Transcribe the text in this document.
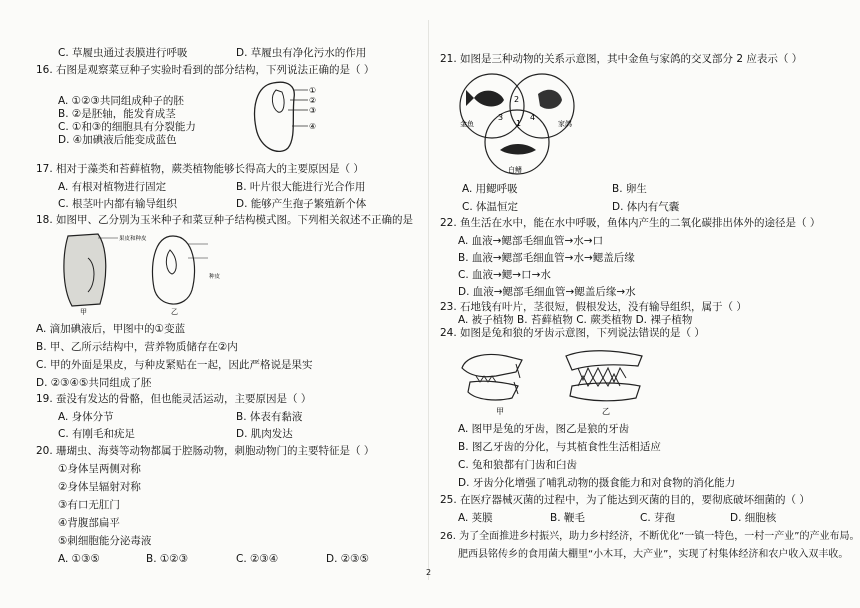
C. 草履虫通过表膜进行呼吸	D. 草履虫有净化污水的作用
16. 右图是观察菜豆种子实验时看到的部分结构，下列说法正确的是（ ）
A. ①②③共同组成种子的胚
B. ②是胚轴，能发育成茎
C. ①和③的细胞具有分裂能力
D. ④加碘液后能变成蓝色
①
②
③
④
17. 相对于藻类和苔藓植物，蕨类植物能够长得高大的主要原因是（ ）
A. 有根对植物进行固定	B. 叶片很大能进行光合作用
C. 根茎叶内都有输导组织	D. 能够产生孢子繁殖新个体
18. 如图甲、乙分别为玉米种子和菜豆种子结构模式图。下列相关叙述不正确的是
果皮和种皮
甲
种皮
乙
A. 滴加碘液后，甲图中的①变蓝
B. 甲、乙所示结构中，营养物质储存在②内
C. 甲的外面是果皮，与种皮紧贴在一起，因此严格说是果实
D. ②③④⑤共同组成了胚
19. 蚕没有发达的骨骼，但也能灵活运动，主要原因是（ ）
A. 身体分节	B. 体表有黏液
C. 有刚毛和疣足	D. 肌肉发达
20. 珊瑚虫、海葵等动物都属于腔肠动物，刺胞动物门的主要特征是（ ）
①身体呈两侧对称
②身体呈辐射对称
③有口无肛门
④背腹部扁平
⑤刺细胞能分泌毒液
A. ①③⑤	B. ①②③	C. ②③④	D. ②③⑤
21. 如图是三种动物的关系示意图，其中金鱼与家鸽的交叉部分 2 应表示（ ）
2
3
1
4
金鱼	家鸽
白鳍
A. 用鳃呼吸	B. 卵生
C. 体温恒定	D. 体内有气囊
22. 鱼生活在水中，能在水中呼吸，鱼体内产生的二氧化碳排出体外的途径是（ ）
A. 血液→鳃部毛细血管→水→口
B. 血液→鳃部毛细血管→水→鳃盖后缘
C. 血液→鳃→口→水
D. 血液→鳃部毛细血管→鳃盖后缘→水
23. 石地钱有叶片，茎很短，假根发达，没有输导组织，属于（ ）
A. 被子植物 B. 苔藓植物 C. 蕨类植物 D. 裸子植物
24. 如图是兔和狼的牙齿示意图，下列说法错误的是（ ）
甲	乙
A. 图甲是兔的牙齿，图乙是狼的牙齿
B. 图乙牙齿的分化，与其植食性生活相适应
C. 兔和狼都有门齿和臼齿
D. 牙齿分化增强了哺乳动物的摄食能力和对食物的消化能力
25. 在医疗器械灭菌的过程中，为了能达到灭菌的目的，要彻底破坏细菌的（ ）
A. 荚膜	B. 鞭毛	C. 芽孢	D. 细胞核
26. 为了全面推进乡村振兴，助力乡村经济，不断优化“一镇一特色，一村一产业”的产业布局。
肥西县铭传乡的食用菌大棚里“小木耳，大产业”，实现了村集体经济和农户收入双丰收。
2
